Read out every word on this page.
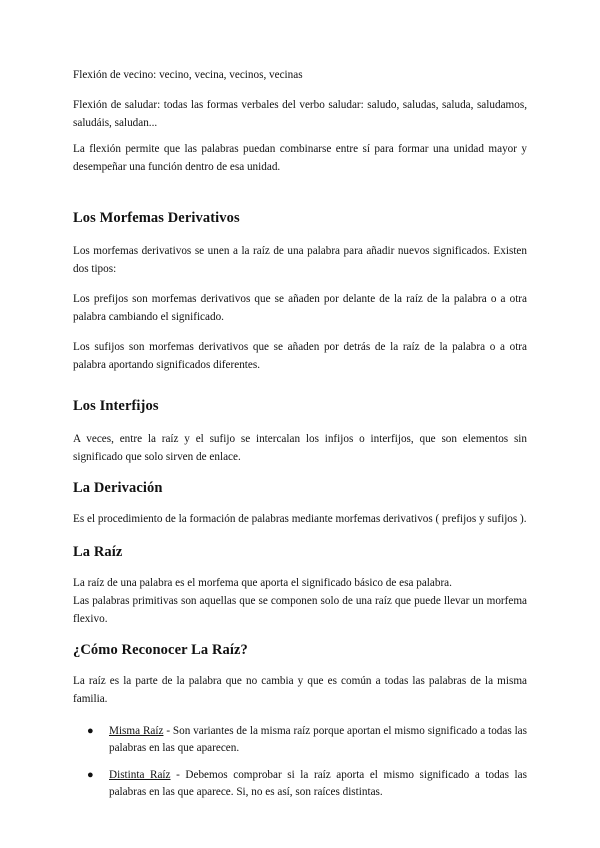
Flexión de vecino: vecino, vecina, vecinos, vecinas

Flexión de saludar: todas las formas verbales del verbo saludar: saludo, saludas, saluda, saludamos, saludáis, saludan...

La flexión permite que las palabras puedan combinarse entre sí para formar una unidad mayor y desempeñar una función dentro de esa unidad.

Los Morfemas Derivativos

Los morfemas derivativos se unen a la raíz de una palabra para añadir nuevos significados. Existen dos tipos:

Los prefijos son morfemas derivativos que se añaden por delante de la raíz de la palabra o a otra palabra cambiando el significado.

Los sufijos son morfemas derivativos que se añaden por detrás de la raíz de la palabra o a otra palabra aportando significados diferentes.

Los Interfijos

A veces, entre la raíz y el sufijo se intercalan los infijos o interfijos, que son elementos sin significado que solo sirven de enlace.

La Derivación

Es el procedimiento de la formación de palabras mediante morfemas derivativos ( prefijos y sufijos ).

La Raíz

La raíz de una palabra es el morfema que aporta el significado básico de esa palabra.

Las palabras primitivas son aquellas que se componen solo de una raíz que puede llevar un morfema flexivo.

¿Cómo Reconocer La Raíz?

La raíz es la parte de la palabra que no cambia y que es común a todas las palabras de la misma familia.

● Misma Raíz - Son variantes de la misma raíz porque aportan el mismo significado a todas las palabras en las que aparecen.
● Distinta Raíz - Debemos comprobar si la raíz aporta el mismo significado a todas las palabras en las que aparece. Si, no es así, son raíces distintas.
